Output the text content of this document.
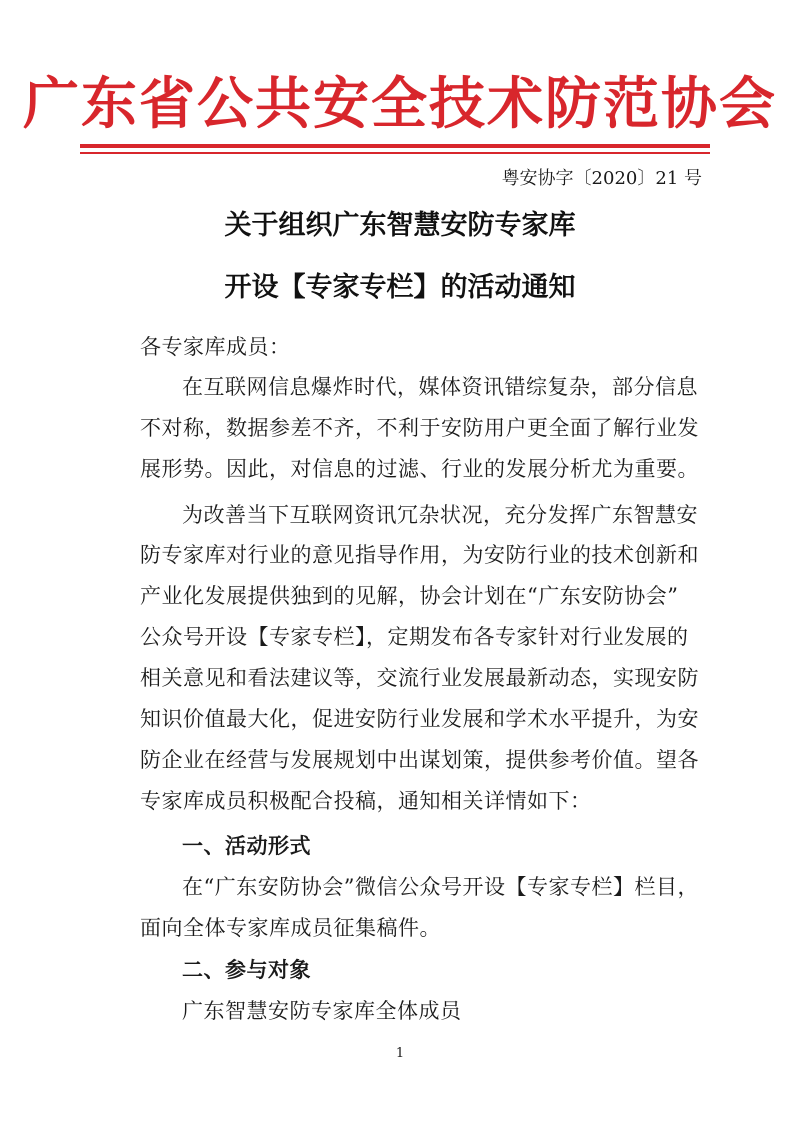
广东省公共安全技术防范协会
粤安协字〔2020〕21 号
关于组织广东智慧安防专家库
开设【专家专栏】的活动通知
各专家库成员：
在互联网信息爆炸时代，媒体资讯错综复杂，部分信息
不对称，数据参差不齐，不利于安防用户更全面了解行业发
展形势。因此，对信息的过滤、行业的发展分析尤为重要。
为改善当下互联网资讯冗杂状况，充分发挥广东智慧安
防专家库对行业的意见指导作用，为安防行业的技术创新和
产业化发展提供独到的见解，协会计划在“广东安防协会”
公众号开设【专家专栏】，定期发布各专家针对行业发展的
相关意见和看法建议等，交流行业发展最新动态，实现安防
知识价值最大化，促进安防行业发展和学术水平提升，为安
防企业在经营与发展规划中出谋划策，提供参考价值。望各
专家库成员积极配合投稿，通知相关详情如下：
一、活动形式
在“广东安防协会”微信公众号开设【专家专栏】栏目，
面向全体专家库成员征集稿件。
二、参与对象
广东智慧安防专家库全体成员
1
